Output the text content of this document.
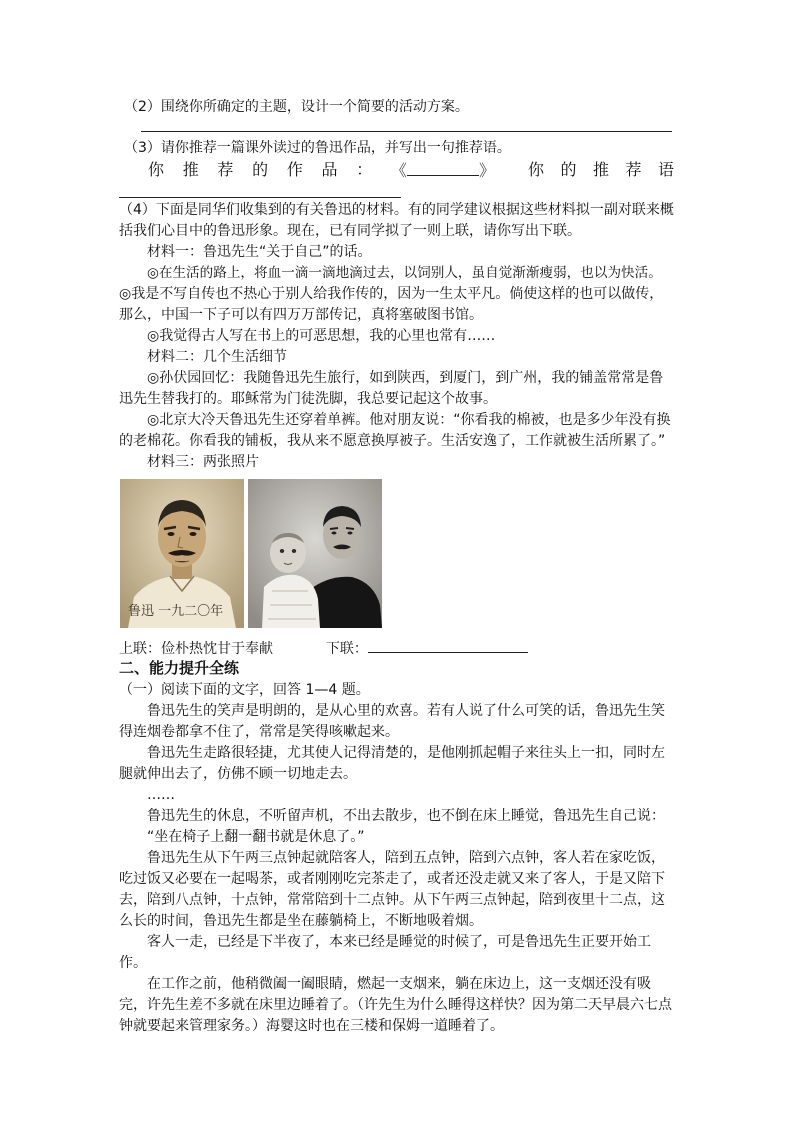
（2）围绕你所确定的主题，设计一个简要的活动方案。
（3）请你推荐一篇课外读过的鲁迅作品，并写出一句推荐语。
你 推 荐 的 作 品 ： 《	》 你 的 推 荐 语

（4）下面是同华们收集到的有关鲁迅的材料。有的同学建议根据这些材料拟一副对联来概括我们心目中的鲁迅形象。现在，已有同学拟了一则上联，请你写出下联。

材料一：鲁迅先生“关于自己”的话。

◎在生活的路上，将血一滴一滴地滴过去，以饲别人，虽自觉渐渐瘦弱，也以为快活。

◎我是不写自传也不热心于别人给我作传的，因为一生太平凡。倘使这样的也可以做传，那么，中国一下子可以有四万万部传记，真将塞破图书馆。

◎我觉得古人写在书上的可恶思想，我的心里也常有……

材料二：几个生活细节

◎孙伏园回忆：我随鲁迅先生旅行，如到陕西，到厦门，到广州，我的铺盖常常是鲁迅先生替我打的。耶稣常为门徒洗脚，我总要记起这个故事。

◎北京大冷天鲁迅先生还穿着单裤。他对朋友说：“你看我的棉被，也是多少年没有换的老棉花。你看我的铺板，我从来不愿意换厚被子。生活安逸了，工作就被生活所累了。”

材料三：两张照片

鲁迅 一九二〇年
上联：俭朴热忱甘于奉献	下联：
二、能力提升全练

（一）阅读下面的文字，回答 1—4 题。

鲁迅先生的笑声是明朗的，是从心里的欢喜。若有人说了什么可笑的话，鲁迅先生笑得连烟卷都拿不住了，常常是笑得咳嗽起来。

鲁迅先生走路很轻捷，尤其使人记得清楚的，是他刚抓起帽子来往头上一扣，同时左腿就伸出去了，仿佛不顾一切地走去。

……

鲁迅先生的休息，不听留声机，不出去散步，也不倒在床上睡觉，鲁迅先生自己说：

“坐在椅子上翻一翻书就是休息了。”

鲁迅先生从下午两三点钟起就陪客人，陪到五点钟，陪到六点钟，客人若在家吃饭，吃过饭又必要在一起喝茶，或者刚刚吃完茶走了，或者还没走就又来了客人，于是又陪下去，陪到八点钟，十点钟，常常陪到十二点钟。从下午两三点钟起，陪到夜里十二点，这么长的时间，鲁迅先生都是坐在藤躺椅上，不断地吸着烟。

客人一走，已经是下半夜了，本来已经是睡觉的时候了，可是鲁迅先生正要开始工作。

在工作之前，他稍微阖一阖眼睛，燃起一支烟来，躺在床边上，这一支烟还没有吸完，许先生差不多就在床里边睡着了。（许先生为什么睡得这样快？因为第二天早晨六七点钟就要起来管理家务。）海婴这时也在三楼和保姆一道睡着了。
